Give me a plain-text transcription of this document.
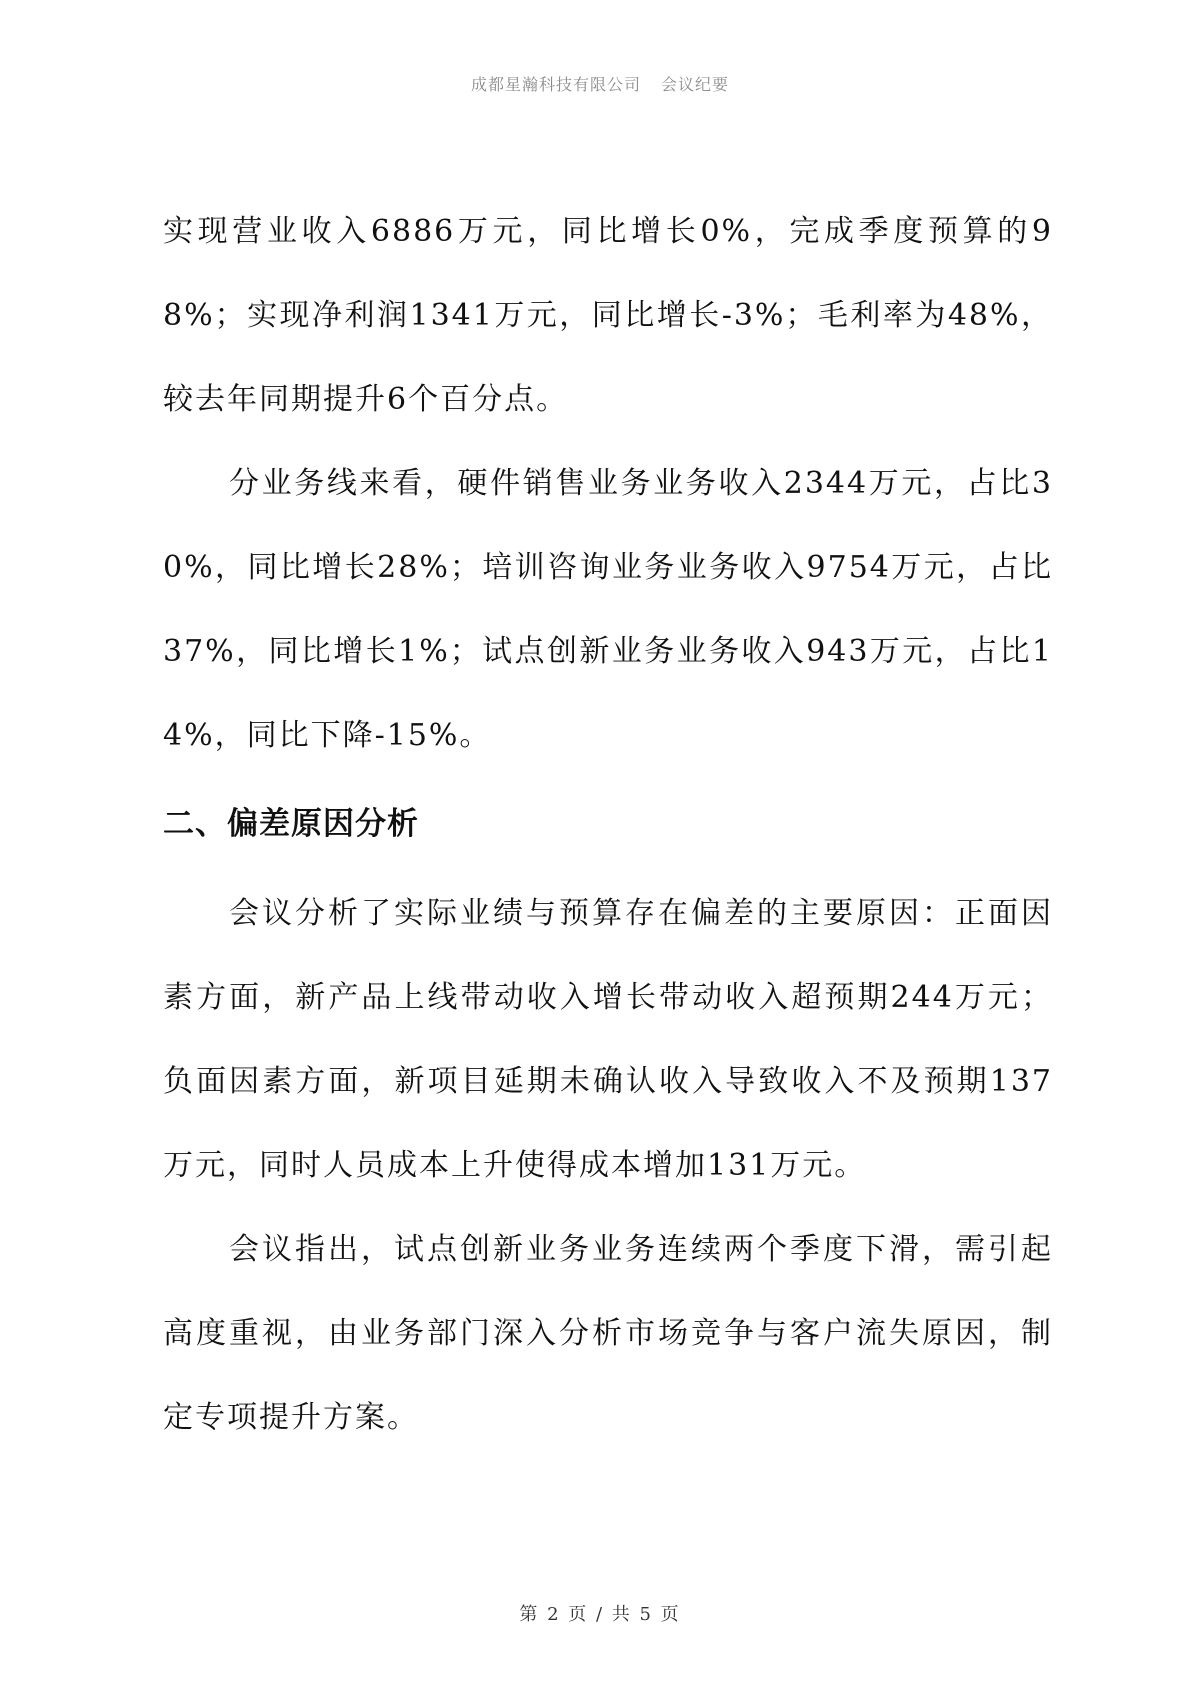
成都星瀚科技有限公司 会议纪要

实现营业收入6886万元，同比增长0%，完成季度预算的98%；实现净利润1341万元，同比增长-3%；毛利率为48%，较去年同期提升6个百分点。

分业务线来看，硬件销售业务业务收入2344万元，占比30%，同比增长28%；培训咨询业务业务收入9754万元，占比37%，同比增长1%；试点创新业务业务收入943万元，占比14%，同比下降-15%。

二、偏差原因分析

会议分析了实际业绩与预算存在偏差的主要原因：正面因素方面，新产品上线带动收入增长带动收入超预期244万元；负面因素方面，新项目延期未确认收入导致收入不及预期137万元，同时人员成本上升使得成本增加131万元。

会议指出，试点创新业务业务连续两个季度下滑，需引起高度重视，由业务部门深入分析市场竞争与客户流失原因，制定专项提升方案。

第 2 页 / 共 5 页
